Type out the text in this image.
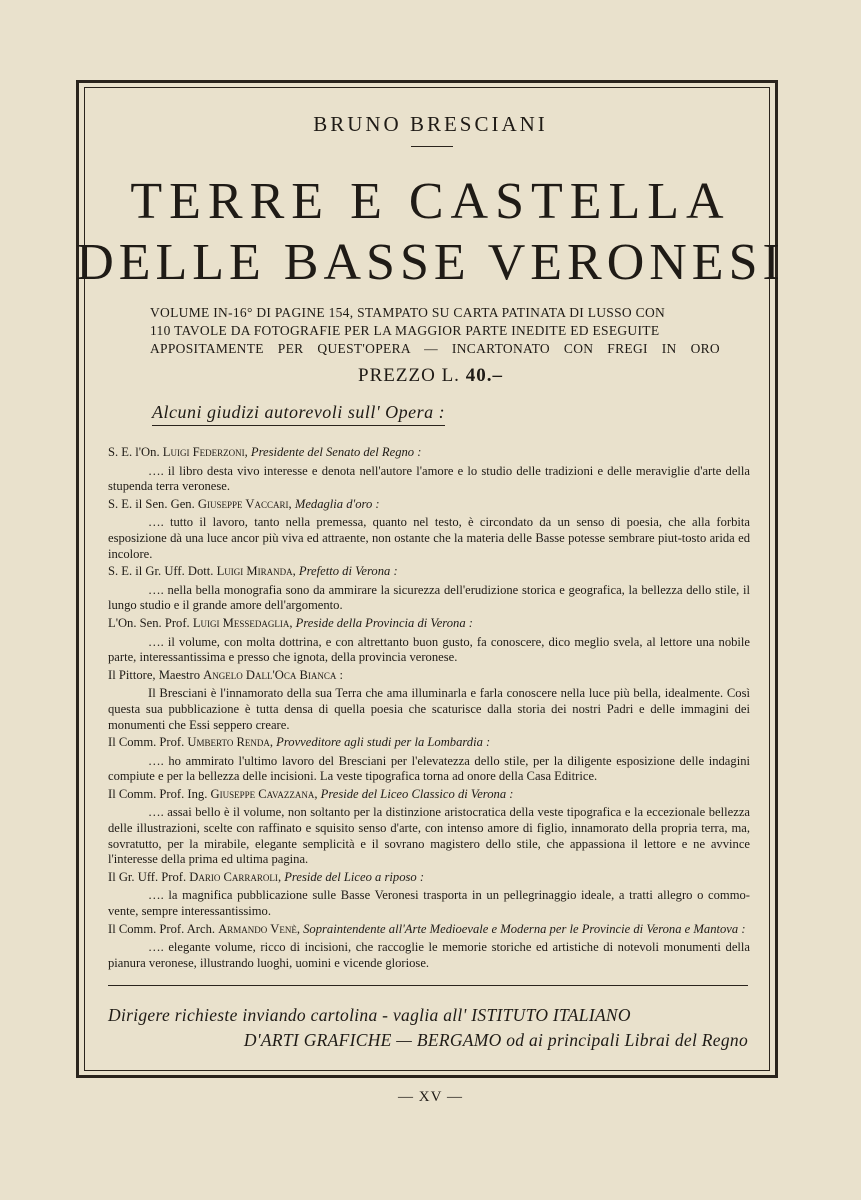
BRUNO BRESCIANI
TERRE E CASTELLA
DELLE BASSE VERONESI
VOLUME IN-16° DI PAGINE 154, STAMPATO SU CARTA PATINATA DI LUSSO CON
110 TAVOLE DA FOTOGRAFIE PER LA MAGGIOR PARTE INEDITE ED ESEGUITE
APPOSITAMENTE PER QUEST'OPERA — INCARTONATO CON FREGI IN ORO
PREZZO L. 40.–
Alcuni giudizi autorevoli sull' Opera :

S. E. l'On. Luigi Federzoni, Presidente del Senato del Regno :

…. il libro desta vivo interesse e denota nell'autore l'amore e lo studio delle tradizioni e delle meraviglie d'arte della stupenda terra veronese.

S. E. il Sen. Gen. Giuseppe Vaccari, Medaglia d'oro :

…. tutto il lavoro, tanto nella premessa, quanto nel testo, è circondato da un senso di poesia, che alla forbita esposizione dà una luce ancor più viva ed attraente, non ostante che la materia delle Basse potesse sembrare piut-tosto arida ed incolore.

S. E. il Gr. Uff. Dott. Luigi Miranda, Prefetto di Verona :

…. nella bella monografia sono da ammirare la sicurezza dell'erudizione storica e geografica, la bellezza dello stile, il lungo studio e il grande amore dell'argomento.

L'On. Sen. Prof. Luigi Messedaglia, Preside della Provincia di Verona :

…. il volume, con molta dottrina, e con altrettanto buon gusto, fa conoscere, dico meglio svela, al lettore una nobile parte, interessantissima e presso che ignota, della provincia veronese.

Il Pittore, Maestro Angelo Dall'Oca Bianca :

Il Bresciani è l'innamorato della sua Terra che ama illuminarla e farla conoscere nella luce più bella, idealmente. Così questa sua pubblicazione è tutta densa di quella poesia che scaturisce dalla storia dei nostri Padri e delle immagini dei monumenti che Essi seppero creare.

Il Comm. Prof. Umberto Renda, Provveditore agli studi per la Lombardia :

…. ho ammirato l'ultimo lavoro del Bresciani per l'elevatezza dello stile, per la diligente esposizione delle indagini compiute e per la bellezza delle incisioni. La veste tipografica torna ad onore della Casa Editrice.

Il Comm. Prof. Ing. Giuseppe Cavazzana, Preside del Liceo Classico di Verona :

…. assai bello è il volume, non soltanto per la distinzione aristocratica della veste tipografica e la eccezionale bellezza delle illustrazioni, scelte con raffinato e squisito senso d'arte, con intenso amore di figlio, innamorato della propria terra, ma, sovratutto, per la mirabile, elegante semplicità e il sovrano magistero dello stile, che appassiona il lettore e ne avvince l'interesse della prima ed ultima pagina.

Il Gr. Uff. Prof. Dario Carraroli, Preside del Liceo a riposo :

…. la magnifica pubblicazione sulle Basse Veronesi trasporta in un pellegrinaggio ideale, a tratti allegro o commo-vente, sempre interessantissimo.

Il Comm. Prof. Arch. Armando Venè, Sopraintendente all'Arte Medioevale e Moderna per le Provincie di Verona e Mantova :

…. elegante volume, ricco di incisioni, che raccoglie le memorie storiche ed artistiche di notevoli monumenti della pianura veronese, illustrando luoghi, uomini e vicende gloriose.

Dirigere richieste inviando cartolina - vaglia all' ISTITUTO ITALIANO
D'ARTI GRAFICHE — BERGAMO od ai principali Librai del Regno
— XV —
